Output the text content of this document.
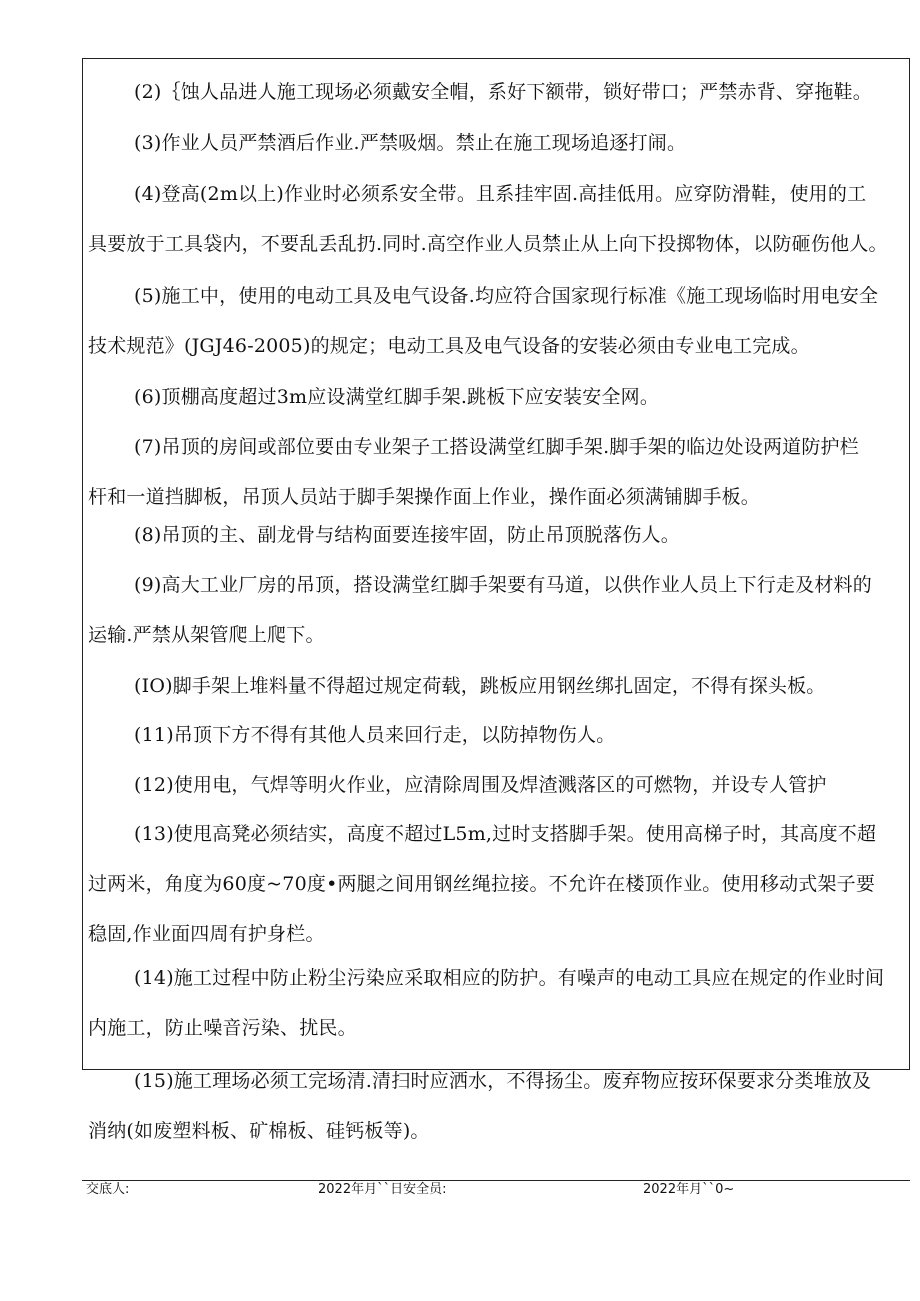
(2)｛蚀人品进人施工现场必须戴安全帽，系好下额带，锁好带口；严禁赤背、穿拖鞋。
(3)作业人员严禁酒后作业.严禁吸烟。禁止在施工现场追逐打闹。
(4)登高(2m以上)作业时必须系安全带。且系挂牢固.高挂低用。应穿防滑鞋，使用的工
具要放于工具袋内，不要乱丢乱扔.同时.高空作业人员禁止从上向下投掷物体，以防砸伤他人。
(5)施工中，使用的电动工具及电气设备.均应符合国家现行标准《施工现场临时用电安全
技术规范》(JGJ46-2005)的规定；电动工具及电气设备的安装必须由专业电工完成。
(6)顶棚高度超过3m应设满堂红脚手架.跳板下应安装安全网。
(7)吊顶的房间或部位要由专业架子工搭设满堂红脚手架.脚手架的临边处设两道防护栏
杆和一道挡脚板，吊顶人员站于脚手架操作面上作业，操作面必须满铺脚手板。
(8)吊顶的主、副龙骨与结构面要连接牢固，防止吊顶脱落伤人。
(9)高大工业厂房的吊顶，搭设满堂红脚手架要有马道，以供作业人员上下行走及材料的
运输.严禁从架管爬上爬下。
(IO)脚手架上堆料量不得超过规定荷载，跳板应用钢丝绑扎固定，不得有探头板。
(11)吊顶下方不得有其他人员来回行走，以防掉物伤人。
(12)使用电，气焊等明火作业，应清除周围及焊渣溅落区的可燃物，并设专人管护
(13)使甩高凳必须结实，高度不超过L5m,过时支搭脚手架。使用高梯子时，其高度不超
过两米，角度为60度~70度•两腿之间用钢丝绳拉接。不允许在楼顶作业。使用移动式架子要
稳固,作业面四周有护身栏。
(14)施工过程中防止粉尘污染应采取相应的防护。有噪声的电动工具应在规定的作业时间
内施工，防止噪音污染、扰民。
(15)施工理场必须工完场清.清扫时应洒水，不得扬尘。废弃物应按环保要求分类堆放及
消纳(如废塑料板、矿棉板、硅钙板等)。
交底人:	2022年月``日安全员:	2022年月``0~
